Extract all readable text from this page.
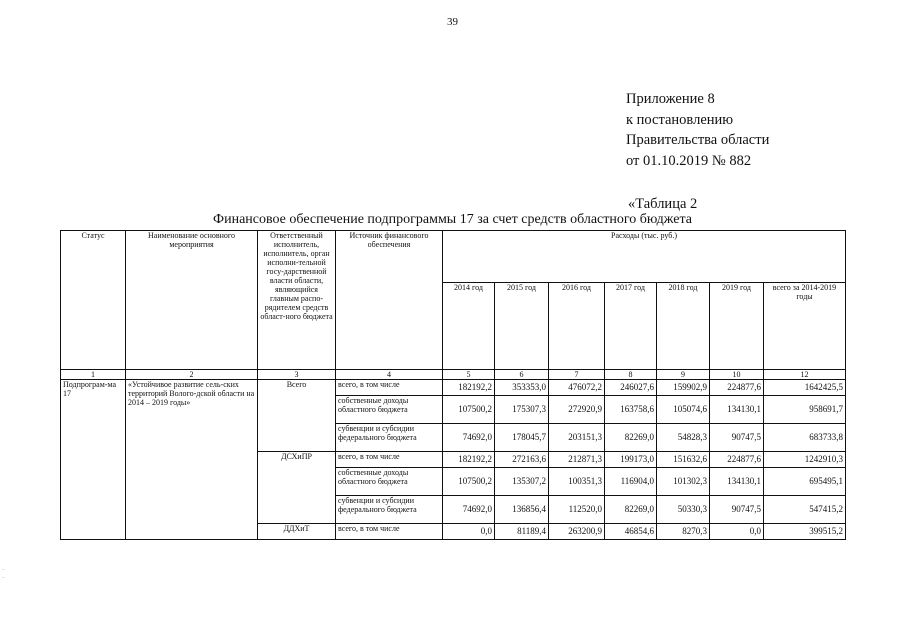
39
Приложение 8
к постановлению
Правительства области
от 01.10.2019 № 882
«Таблица 2
Финансовое обеспечение подпрограммы 17 за счет средств областного бюджета
Статус	Наименование основного мероприятия	Ответственный исполнитель, исполнитель, орган исполни-тельной госу-дарственной власти области, являющийся главным распо-рядителем средств област-ного бюджета	Источник финансового обеспечения	Расходы (тыс. руб.)						
				2014 год	2015 год	2016 год	2017 год	2018 год	2019 год	всего за 2014-2019 годы
1	2	3	4	5	6	7	8	9	10	12
Подпрограм-ма 17	«Устойчивое развитие сель-ских территорий Волого-дской области на 2014 – 2019 годы»	Всего	всего, в том числе	182192,2	353353,0	476072,2	246027,6	159902,9	224877,6	1642425,5
			собственные доходы областного бюджета	107500,2	175307,3	272920,9	163758,6	105074,6	134130,1	958691,7
			субвенции и субсидии федерального бюджета	74692,0	178045,7	203151,3	82269,0	54828,3	90747,5	683733,8
		ДСХиПР	всего, в том числе	182192,2	272163,6	212871,3	199173,0	151632,6	224877,6	1242910,3
			собственные доходы областного бюджета	107500,2	135307,2	100351,3	116904,0	101302,3	134130,1	695495,1
			субвенции и субсидии федерального бюджета	74692,0	136856,4	112520,0	82269,0	50330,3	90747,5	547415,2
		ДДХиТ	всего, в том числе	0,0	81189,4	263200,9	46854,6	8270,3	0,0	399515,2
·
·
